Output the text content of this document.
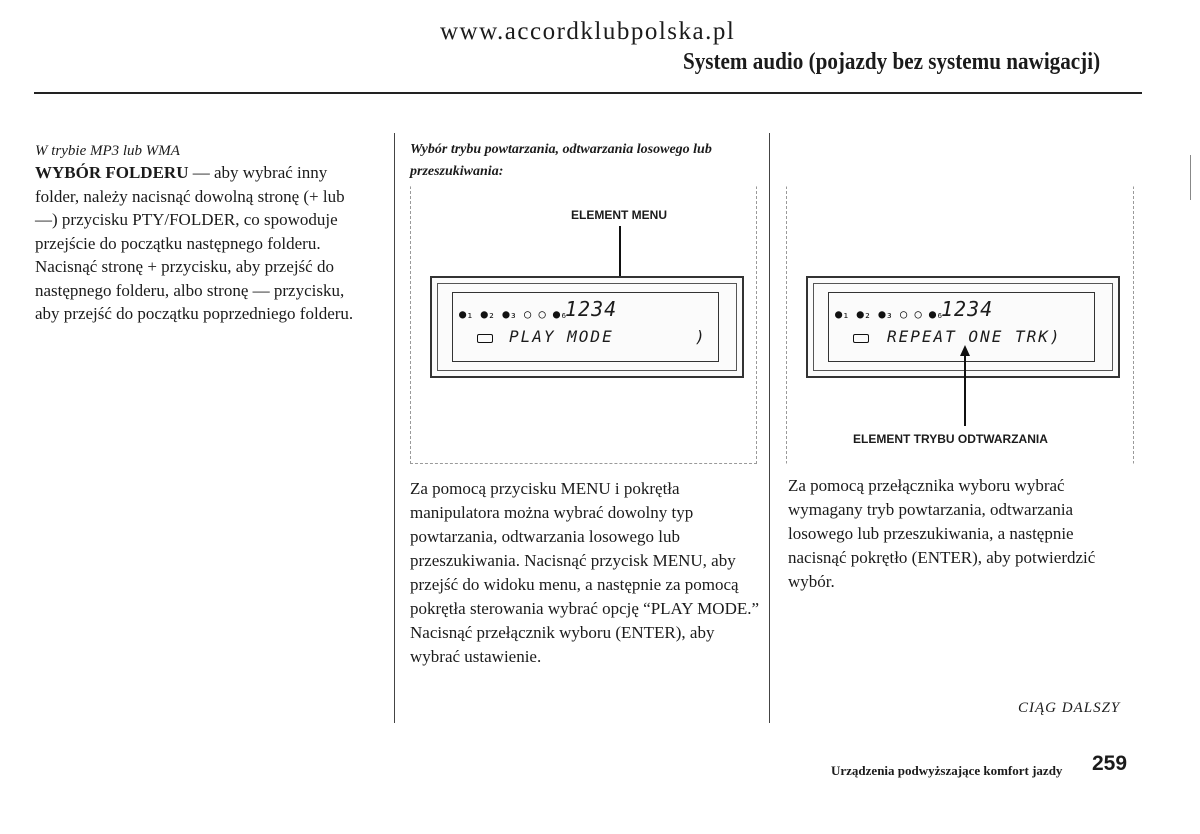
www.accordklubpolska.pl
System audio (pojazdy bez systemu nawigacji)
W trybie MP3 lub WMA
WYBÓR FOLDERU — aby wybrać inny folder, należy nacisnąć dowolną stronę (+ lub —) przycisku PTY/FOLDER, co spowoduje przejście do początku następnego folderu. Nacisnąć stronę + przycisku, aby przejść do następnego folderu, albo stronę — przycisku, aby przejść do początku poprzedniego folderu.
Wybór trybu powtarzania, odtwarzania losowego lub przeszukiwania:
ELEMENT MENU
●₁ ●₂ ●₃ ○ ○ ●₆
1234
PLAY MODE	)
Za pomocą przycisku MENU i pokrętła manipulatora można wybrać dowolny typ powtarzania, odtwarzania losowego lub przeszukiwania. Nacisnąć przycisk MENU, aby przejść do widoku menu, a następnie za pomocą pokrętła sterowania wybrać opcję “PLAY MODE.” Nacisnąć przełącznik wyboru (ENTER), aby wybrać ustawienie.
●₁ ●₂ ●₃ ○ ○ ●₆
1234
REPEAT ONE TRK)
ELEMENT TRYBU ODTWARZANIA
Za pomocą przełącznika wyboru wybrać wymagany tryb powtarzania, odtwarzania losowego lub przeszukiwania, a następnie nacisnąć pokrętło (ENTER), aby potwierdzić wybór.
CIĄG DALSZY
Urządzenia podwyższające komfort jazdy 259
